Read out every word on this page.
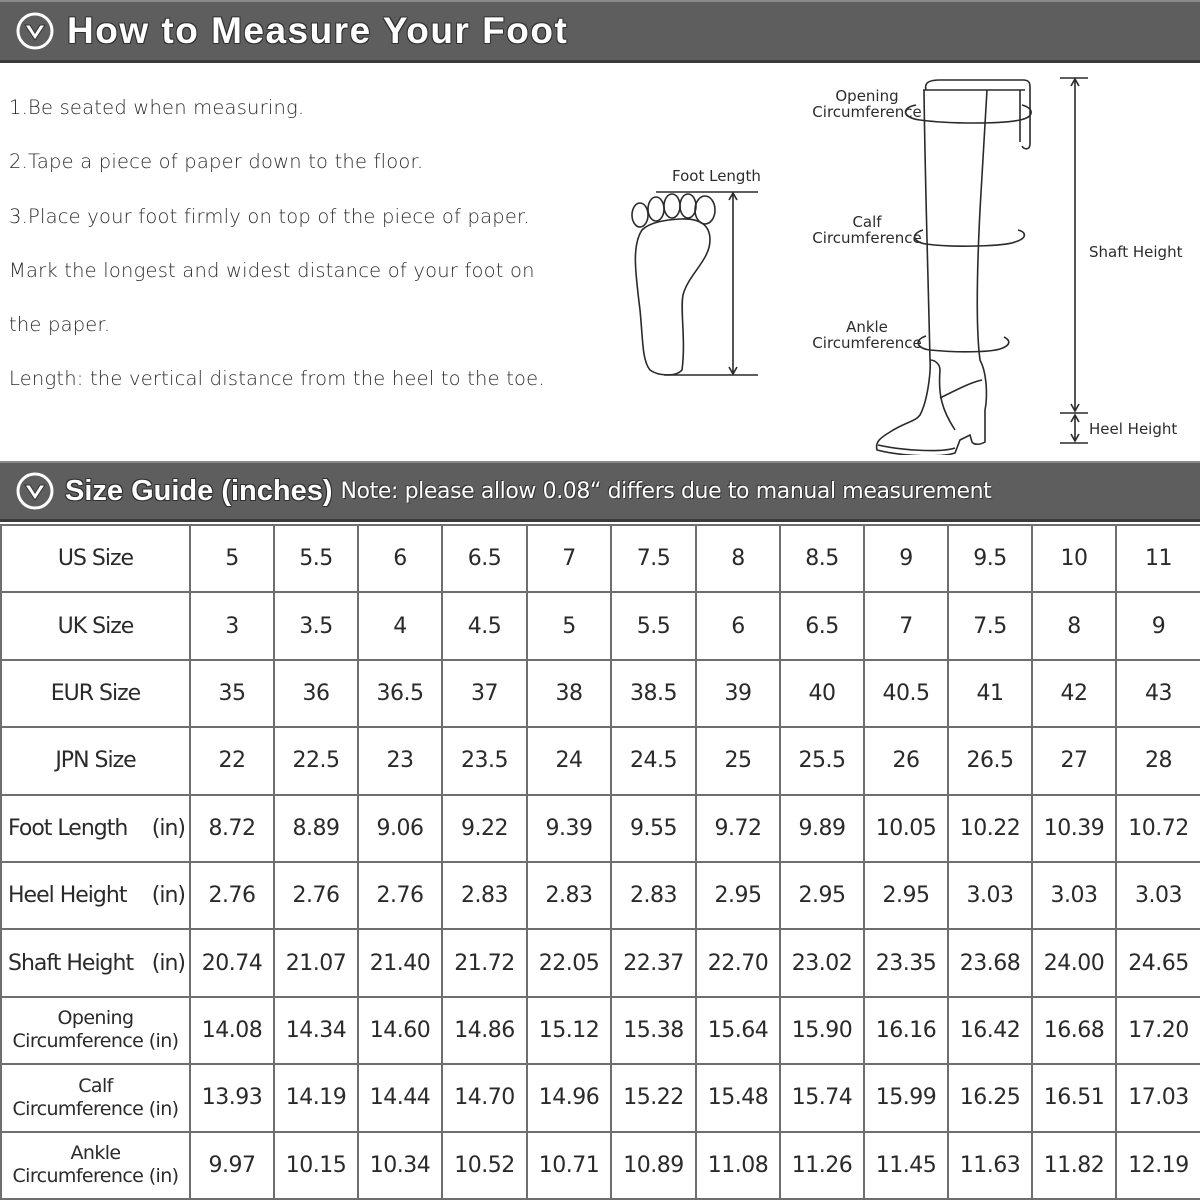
How to Measure Your Foot
1.Be seated when measuring.
2.Tape a piece of paper down to the floor.
3.Place your foot firmly on top of the piece of paper.
Mark the longest and widest distance of your foot on
the paper.
Length: the vertical distance from the heel to the toe.
Foot Length
Opening
Circumference
Calf
Circumference
Ankle
Circumference
Shaft Height
Heel Height
Size Guide (inches) Note: please allow 0.08“ differs due to manual measurement
US Size	5	5.5	6	6.5	7	7.5	8	8.5	9	9.5	10	11
UK Size	3	3.5	4	4.5	5	5.5	6	6.5	7	7.5	8	9
EUR Size	35	36	36.5	37	38	38.5	39	40	40.5	41	42	43
JPN Size	22	22.5	23	23.5	24	24.5	25	25.5	26	26.5	27	28

Foot Length (in)	8.72	8.89	9.06	9.22	9.39	9.55	9.72	9.89	10.05	10.22	10.39	10.72

Heel Height (in)	2.76	2.76	2.76	2.83	2.83	2.83	2.95	2.95	2.95	3.03	3.03	3.03

Shaft Height (in)	20.74	21.07	21.40	21.72	22.05	22.37	22.70	23.02	23.35	23.68	24.00	24.65

Opening
Circumference (in)	14.08	14.34	14.60	14.86	15.12	15.38	15.64	15.90	16.16	16.42	16.68	17.20

Calf
Circumference (in)	13.93	14.19	14.44	14.70	14.96	15.22	15.48	15.74	15.99	16.25	16.51	17.03

Ankle
Circumference (in)	9.97	10.15	10.34	10.52	10.71	10.89	11.08	11.26	11.45	11.63	11.82	12.19
